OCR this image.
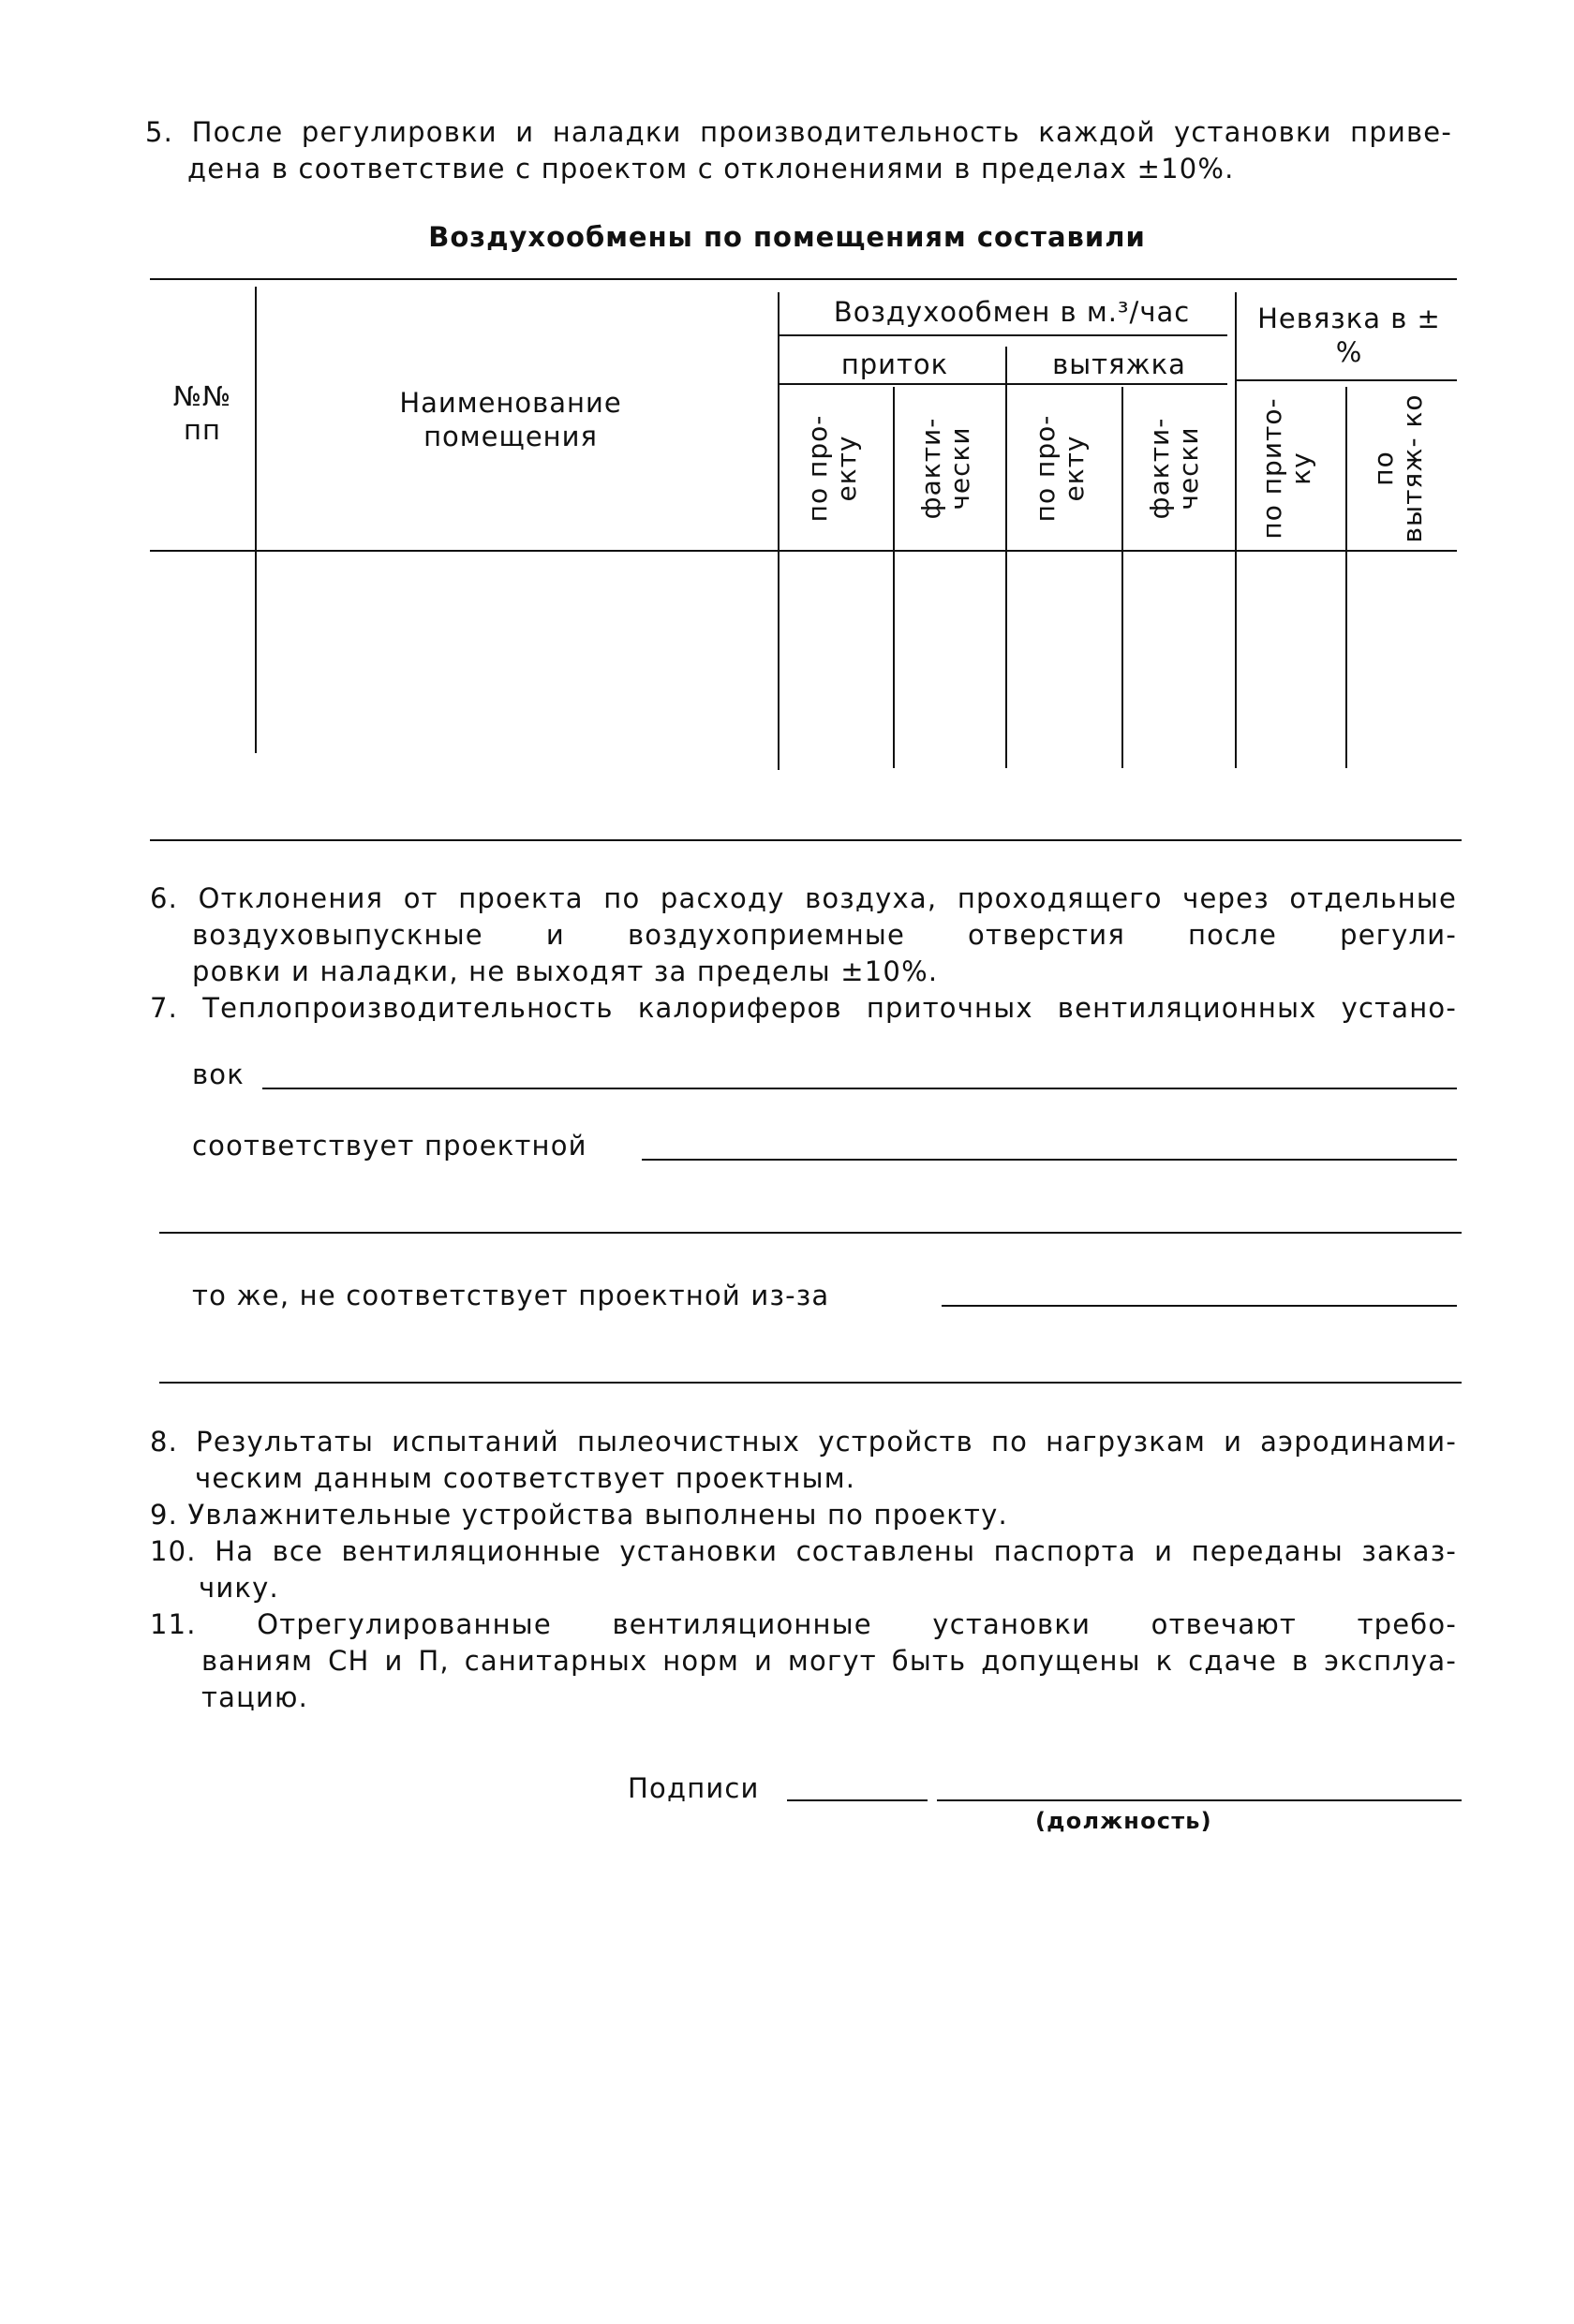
5. После регулировки и наладки производительность каждой установки приве-
дена в соответствие с проектом с отклонениями в пределах ±10%.
Воздухообмены по помещениям составили
№№ пп
Наименование помещения
Воздухообмен в м.³/час
приток	вытяжка
Невязка в ±%
по про- екту факти- чески по про- екту факти- чески по прито- ку по вытяж- ко
6. Отклонения от проекта по расходу воздуха, проходящего через отдельные
воздуховыпускные и воздухоприемные отверстия после регули-
ровки и наладки, не выходят за пределы ±10%.
7. Теплопроизводительность калориферов приточных вентиляционных устано-
вок
соответствует проектной
то же, не соответствует проектной из-за
8. Результаты испытаний пылеочистных устройств по нагрузкам и аэродинами-
ческим данным соответствует проектным.
9. Увлажнительные устройства выполнены по проекту.
10. На все вентиляционные установки составлены паспорта и переданы заказ-
чику.
11. Отрегулированные вентиляционные установки отвечают требо-
ваниям СН и П, санитарных норм и могут быть допущены к сдаче в эксплуа-
тацию.
Подписи
(должность)
